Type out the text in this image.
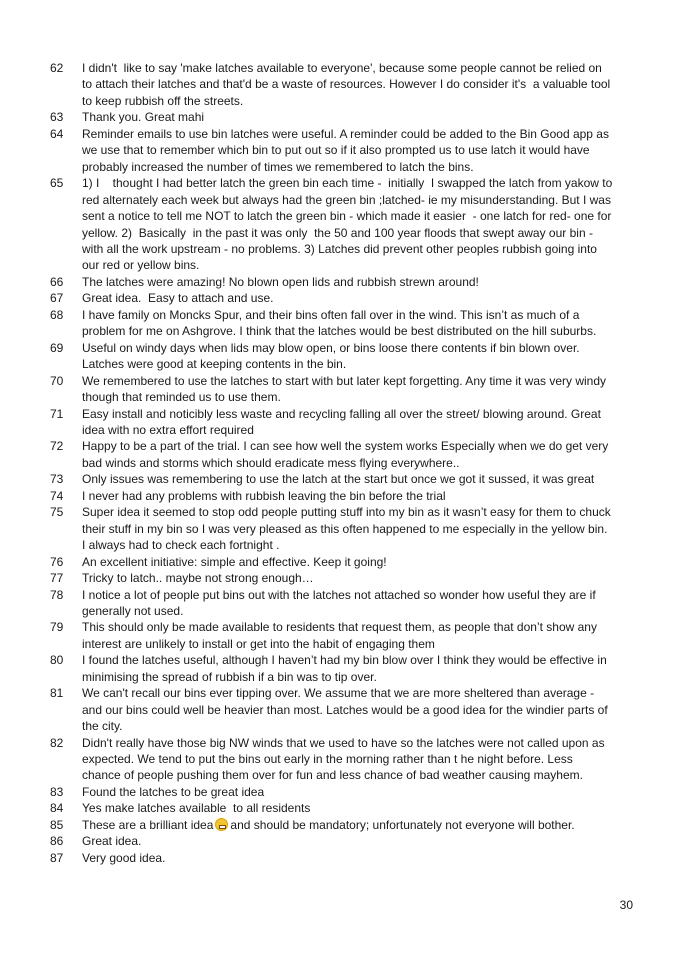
62	I didn't  like to say 'make latches available to everyone', because some people cannot be relied on
to attach their latches and that'd be a waste of resources. However I do consider it's  a valuable tool
to keep rubbish off the streets.
63	Thank you. Great mahi
64	Reminder emails to use bin latches were useful. A reminder could be added to the Bin Good app as
we use that to remember which bin to put out so if it also prompted us to use latch it would have
probably increased the number of times we remembered to latch the bins.
65	1) I    thought I had better latch the green bin each time -  initially  I swapped the latch from yakow to
red alternately each week but always had the green bin ;latched- ie my misunderstanding. But I was
sent a notice to tell me NOT to latch the green bin - which made it easier  - one latch for red- one for
yellow. 2)  Basically  in the past it was only  the 50 and 100 year floods that swept away our bin -
with all the work upstream - no problems. 3) Latches did prevent other peoples rubbish going into
our red or yellow bins.
66	The latches were amazing! No blown open lids and rubbish strewn around!
67	Great idea.  Easy to attach and use.
68	I have family on Moncks Spur, and their bins often fall over in the wind. This isn’t as much of a
problem for me on Ashgrove. I think that the latches would be best distributed on the hill suburbs.
69	Useful on windy days when lids may blow open, or bins loose there contents if bin blown over.
Latches were good at keeping contents in the bin.
70	We remembered to use the latches to start with but later kept forgetting. Any time it was very windy
though that reminded us to use them.
71	Easy install and noticibly less waste and recycling falling all over the street/ blowing around. Great
idea with no extra effort required
72	Happy to be a part of the trial. I can see how well the system works Especially when we do get very
bad winds and storms which should eradicate mess flying everywhere..
73	Only issues was remembering to use the latch at the start but once we got it sussed, it was great
74	I never had any problems with rubbish leaving the bin before the trial
75	Super idea it seemed to stop odd people putting stuff into my bin as it wasn’t easy for them to chuck
their stuff in my bin so I was very pleased as this often happened to me especially in the yellow bin.
I always had to check each fortnight .
76	An excellent initiative: simple and effective. Keep it going!
77	Tricky to latch.. maybe not strong enough…
78	I notice a lot of people put bins out with the latches not attached so wonder how useful they are if
generally not used.
79	This should only be made available to residents that request them, as people that don’t show any
interest are unlikely to install or get into the habit of engaging them
80	I found the latches useful, although I haven’t had my bin blow over I think they would be effective in
minimising the spread of rubbish if a bin was to tip over.
81	We can't recall our bins ever tipping over. We assume that we are more sheltered than average -
and our bins could well be heavier than most. Latches would be a good idea for the windier parts of
the city.
82	Didn't really have those big NW winds that we used to have so the latches were not called upon as
expected. We tend to put the bins out early in the morning rather than t he night before. Less
chance of people pushing them over for fun and less chance of bad weather causing mayhem.
83	Found the latches to be great idea
84	Yes make latches available  to all residents
85	These are a brilliant idea and should be mandatory; unfortunately not everyone will bother.
86	Great idea.
87	Very good idea.
30
